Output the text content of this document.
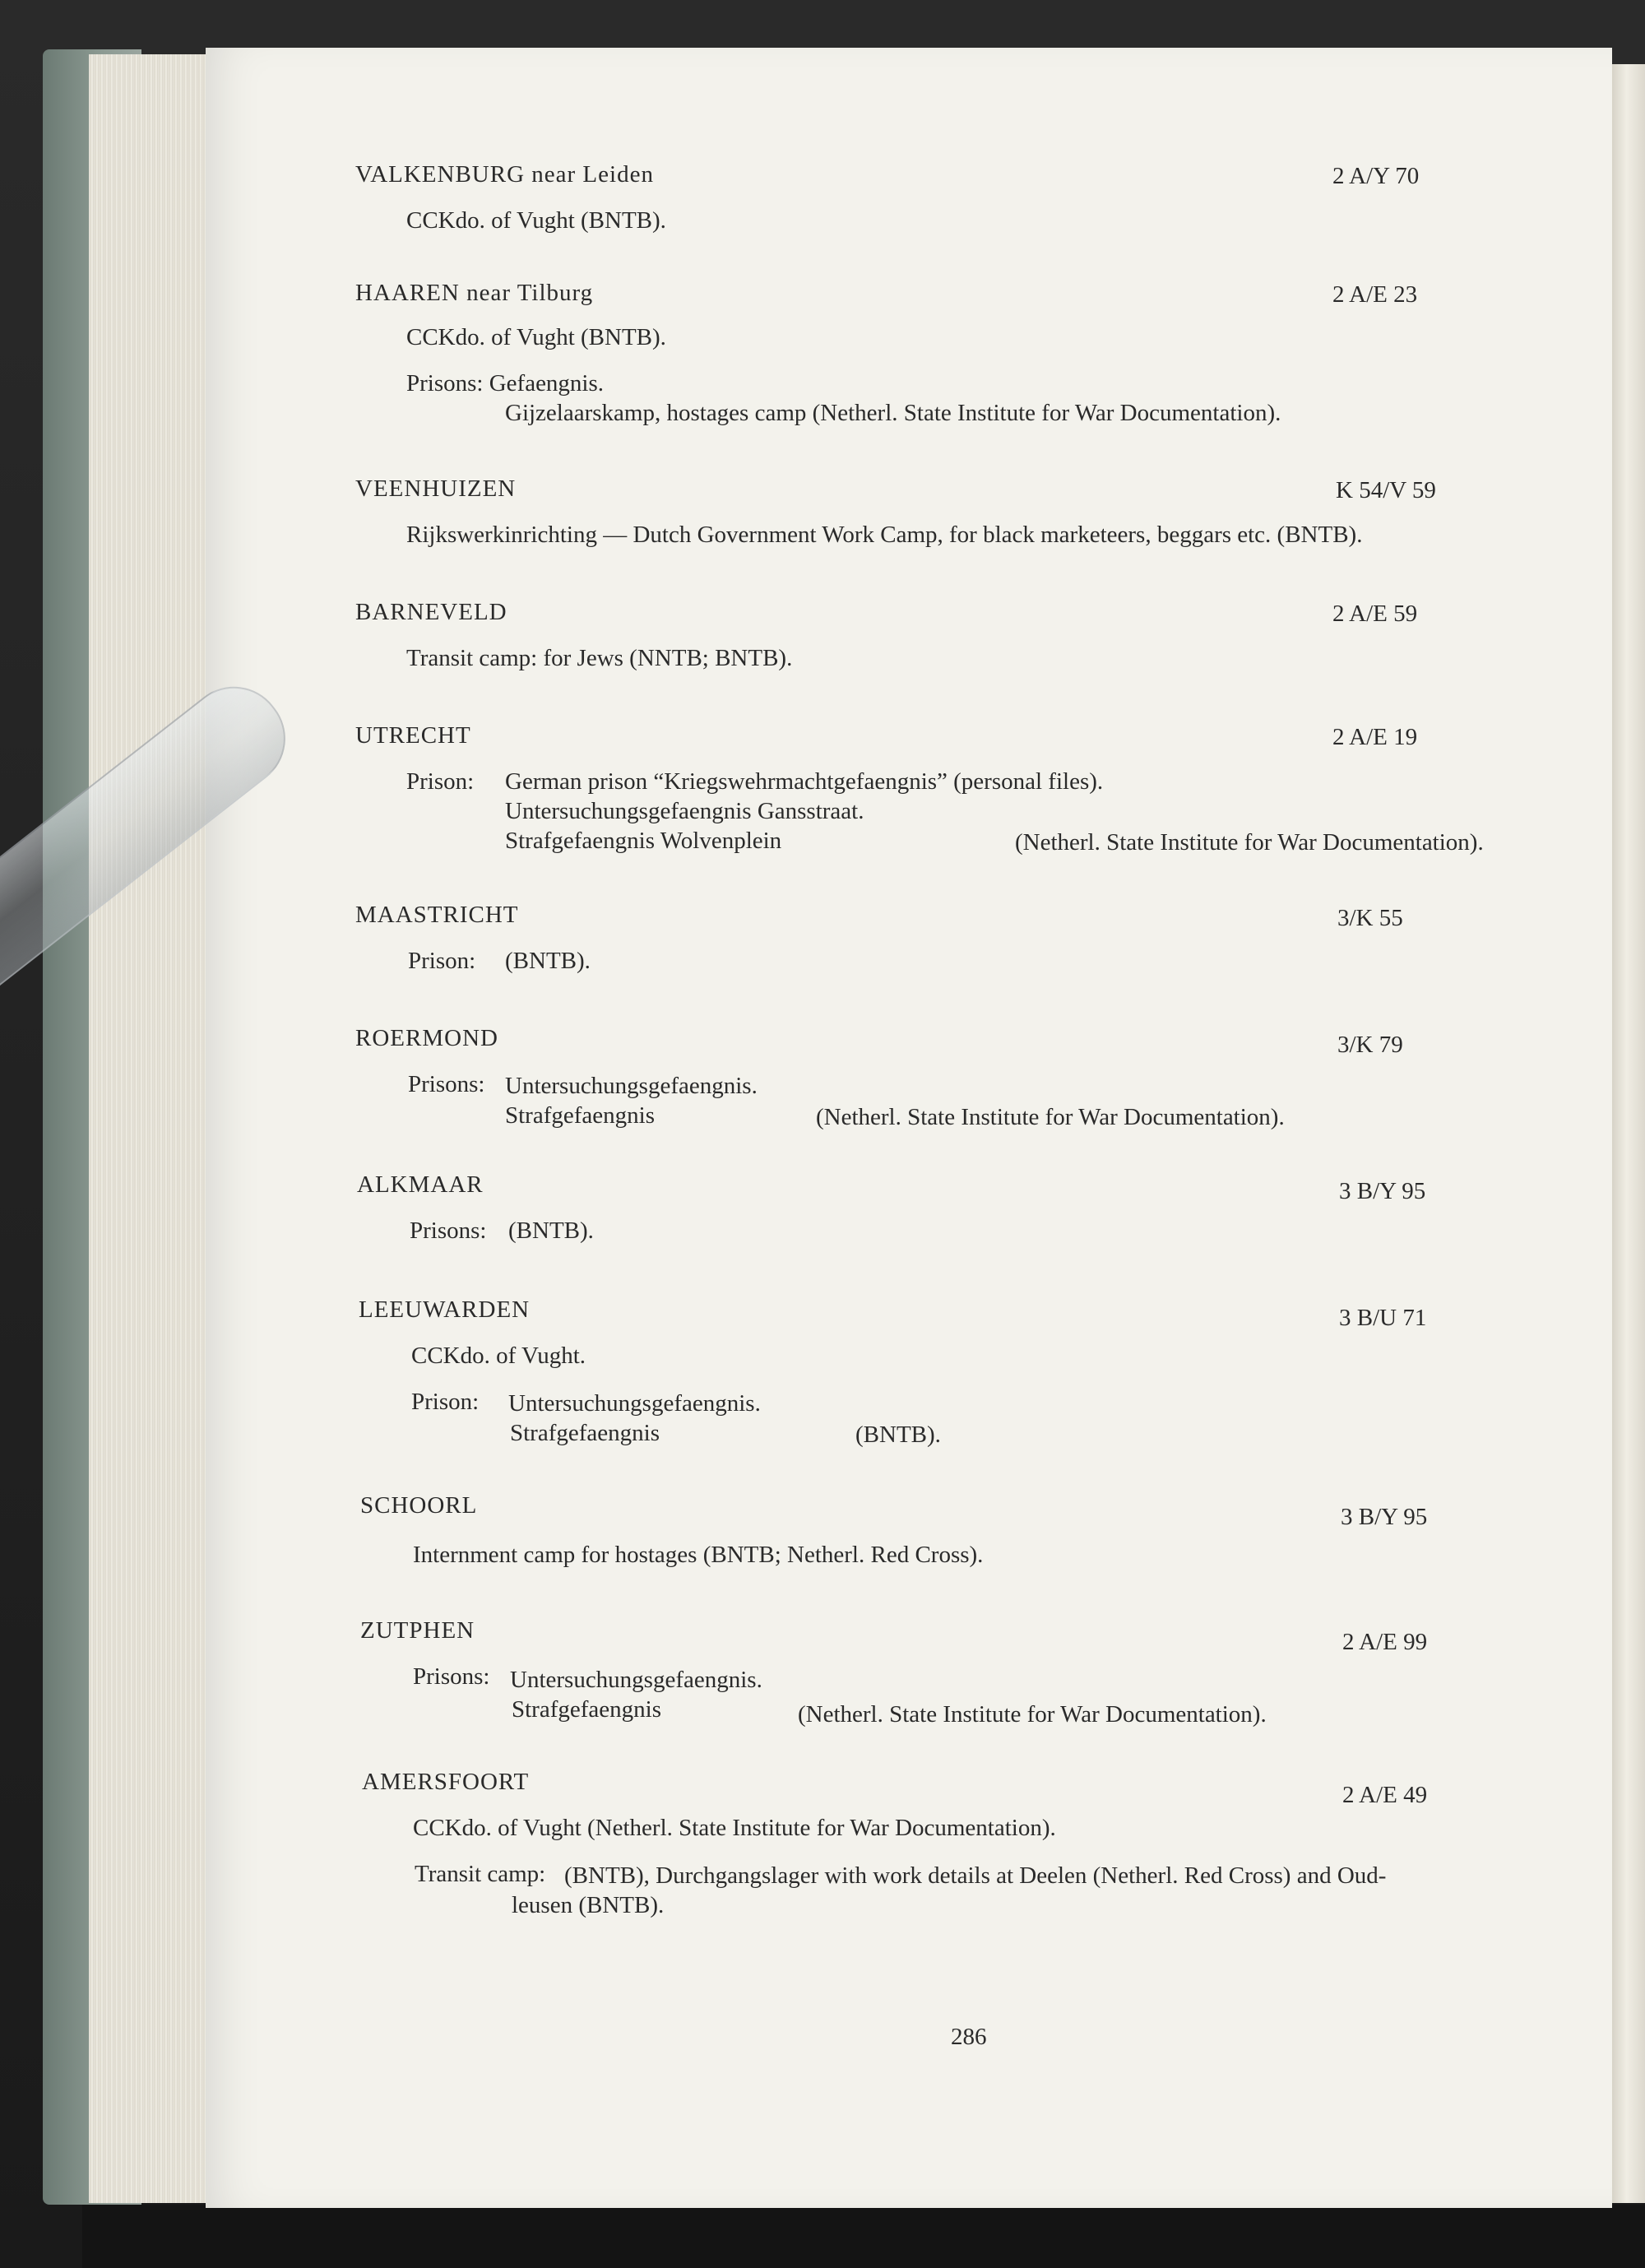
VALKENBURG near Leiden	2 A/Y 70
CCKdo. of Vught (BNTB).
HAAREN near Tilburg	2 A/E 23
CCKdo. of Vught (BNTB).
Prisons: Gefaengnis.
Gijzelaarskamp, hostages camp (Netherl. State Institute for War Documentation).
VEENHUIZEN	K 54/V 59
Rijkswerkinrichting — Dutch Government Work Camp, for black marketeers, beggars etc. (BNTB).
BARNEVELD	2 A/E 59
Transit camp: for Jews (NNTB; BNTB).
UTRECHT	2 A/E 19
Prison: German prison “Kriegswehrmachtgefaengnis” (personal files).
Untersuchungsgefaengnis Gansstraat.
Strafgefaengnis Wolvenplein	(Netherl. State Institute for War Documentation).
MAASTRICHT	3/K 55
Prison: (BNTB).
ROERMOND	3/K 79
Prisons: Untersuchungsgefaengnis.
Strafgefaengnis	(Netherl. State Institute for War Documentation).
ALKMAAR	3 B/Y 95
Prisons: (BNTB).
LEEUWARDEN	3 B/U 71
CCKdo. of Vught.
Prison: Untersuchungsgefaengnis.
Strafgefaengnis	(BNTB).
SCHOORL	3 B/Y 95
Internment camp for hostages (BNTB; Netherl. Red Cross).
ZUTPHEN	2 A/E 99
Prisons: Untersuchungsgefaengnis.
Strafgefaengnis	(Netherl. State Institute for War Documentation).
AMERSFOORT	2 A/E 49
CCKdo. of Vught (Netherl. State Institute for War Documentation).
Transit camp: (BNTB), Durchgangslager with work details at Deelen (Netherl. Red Cross) and Oud-
leusen (BNTB).
286
